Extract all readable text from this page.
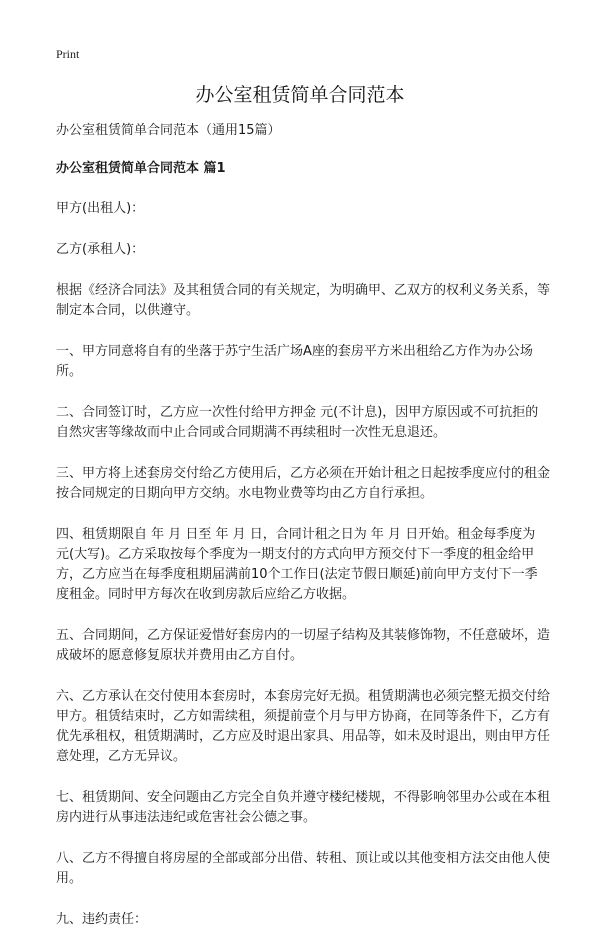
Print
办公室租赁简单合同范本

办公室租赁简单合同范本（通用15篇）

办公室租赁简单合同范本 篇1

甲方(出租人)：

乙方(承租人)：

根据《经济合同法》及其租赁合同的有关规定，为明确甲、乙双方的权利义务关系，等制定本合同，以供遵守。

一、甲方同意将自有的坐落于苏宁生活广场A座的套房平方米出租给乙方作为办公场所。

二、合同签订时，乙方应一次性付给甲方押金 元(不计息)，因甲方原因或不可抗拒的自然灾害等缘故而中止合同或合同期满不再续租时一次性无息退还。

三、甲方将上述套房交付给乙方使用后，乙方必须在开始计租之日起按季度应付的租金按合同规定的日期向甲方交纳。水电物业费等均由乙方自行承担。

四、租赁期限自 年 月 日至 年 月 日，合同计租之日为 年 月 日开始。租金每季度为 元(大写)。乙方采取按每个季度为一期支付的方式向甲方预交付下一季度的租金给甲方，乙方应当在每季度租期届满前10个工作日(法定节假日顺延)前向甲方支付下一季度租金。同时甲方每次在收到房款后应给乙方收据。

五、合同期间，乙方保证爱惜好套房内的一切屋子结构及其装修饰物，不任意破坏，造成破坏的愿意修复原状并费用由乙方自付。

六、乙方承认在交付使用本套房时，本套房完好无损。租赁期满也必须完整无损交付给甲方。租赁结束时，乙方如需续租，须提前壹个月与甲方协商，在同等条件下，乙方有优先承租权，租赁期满时，乙方应及时退出家具、用品等，如未及时退出，则由甲方任意处理，乙方无异议。

七、租赁期间、安全问题由乙方完全自负并遵守楼纪楼规，不得影响邻里办公或在本租房内进行从事违法违纪或危害社会公德之事。

八、乙方不得擅自将房屋的全部或部分出借、转租、顶让或以其他变相方法交由他人使用。

九、违约责任：
